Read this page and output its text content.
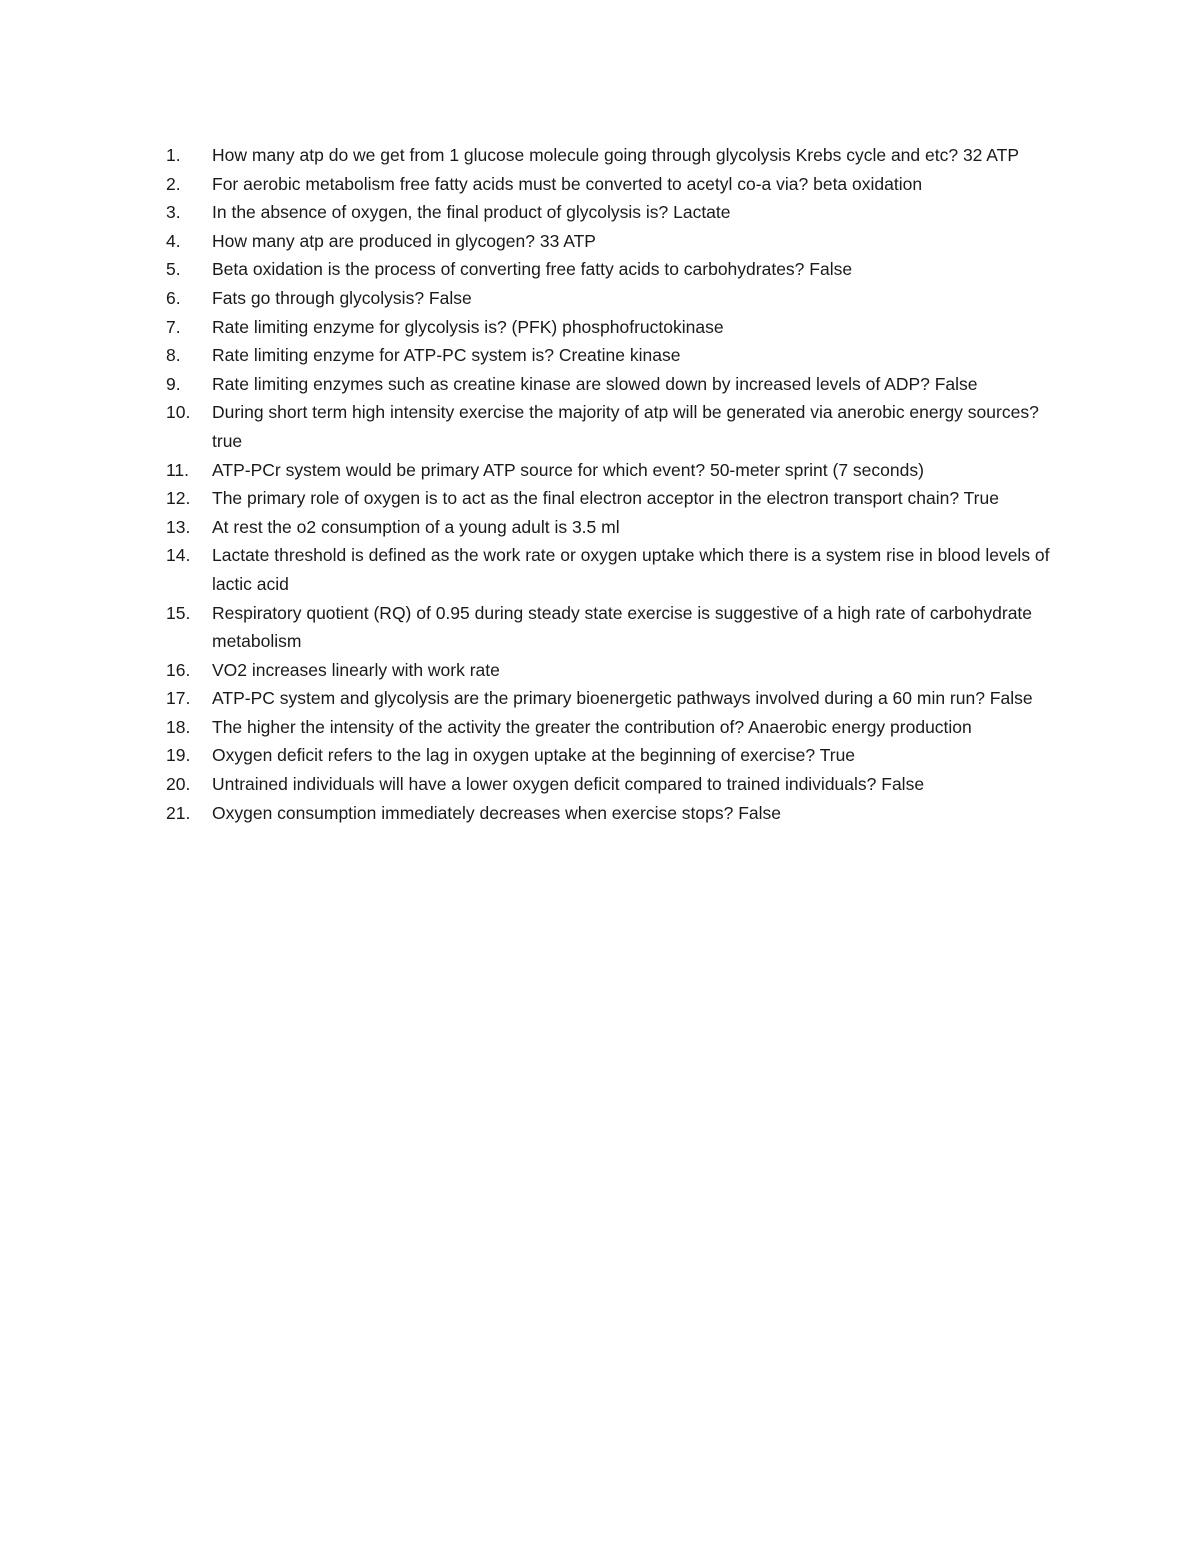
1.	How many atp do we get from 1 glucose molecule going through glycolysis Krebs cycle and etc? 32 ATP
2.	For aerobic metabolism free fatty acids must be converted to acetyl co-a via? beta oxidation
3.	In the absence of oxygen, the final product of glycolysis is? Lactate
4.	How many atp are produced in glycogen? 33 ATP
5.	Beta oxidation is the process of converting free fatty acids to carbohydrates? False
6.	Fats go through glycolysis? False
7.	Rate limiting enzyme for glycolysis is? (PFK) phosphofructokinase
8.	Rate limiting enzyme for ATP-PC system is? Creatine kinase
9.	Rate limiting enzymes such as creatine kinase are slowed down by increased levels of ADP? False
10.	During short term high intensity exercise the majority of atp will be generated via anerobic energy sources? true
11.	ATP-PCr system would be primary ATP source for which event? 50-meter sprint (7 seconds)
12.	The primary role of oxygen is to act as the final electron acceptor in the electron transport chain? True
13.	At rest the o2 consumption of a young adult is 3.5 ml
14.	Lactate threshold is defined as the work rate or oxygen uptake which there is a system rise in blood levels of lactic acid
15.	Respiratory quotient (RQ) of 0.95 during steady state exercise is suggestive of a high rate of carbohydrate metabolism
16.	VO2 increases linearly with work rate
17.	ATP-PC system and glycolysis are the primary bioenergetic pathways involved during a 60 min run? False
18.	The higher the intensity of the activity the greater the contribution of? Anaerobic energy production
19.	Oxygen deficit refers to the lag in oxygen uptake at the beginning of exercise? True
20.	Untrained individuals will have a lower oxygen deficit compared to trained individuals? False
21.	Oxygen consumption immediately decreases when exercise stops? False
